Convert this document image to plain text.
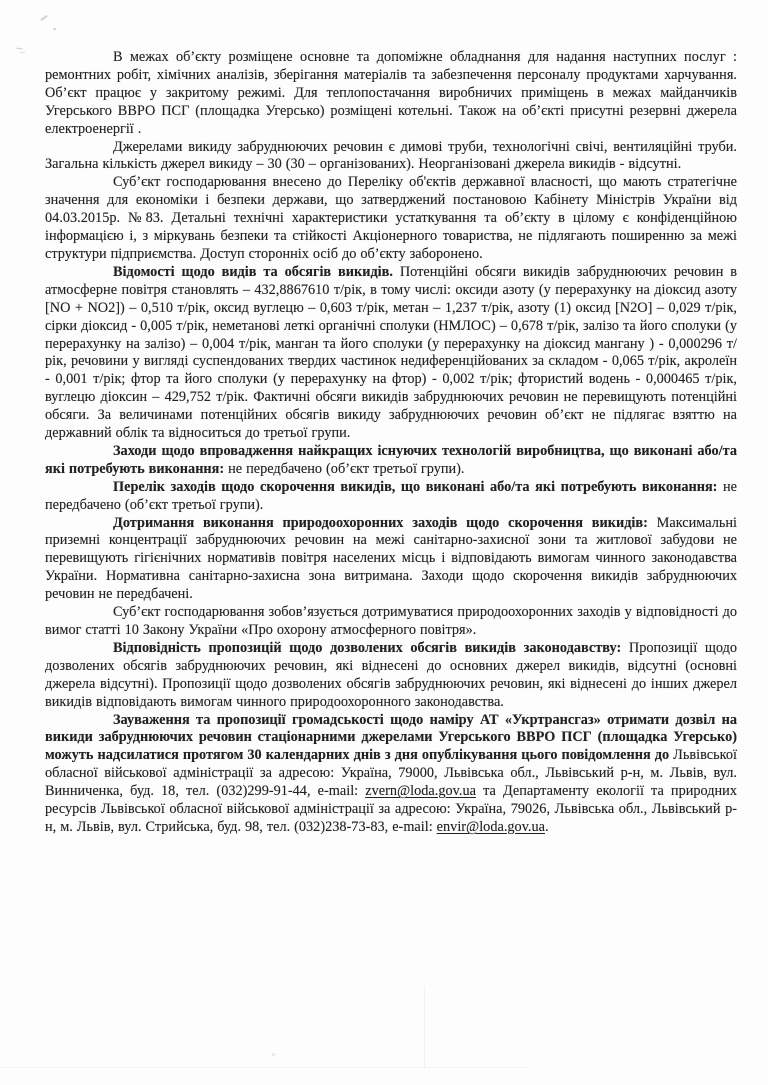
В межах об’єкту розміщене основне та допоміжне обладнання для надання наступних послуг : ремонтних робіт, хімічних аналізів, зберігання матеріалів та забезпечення персоналу продуктами харчування. Об’єкт працює у закритому режимі. Для теплопостачання виробничих приміщень в межах майданчиків Угерського ВВРО ПСГ (площадка Угерсько) розміщені котельні. Також на об’єкті присутні резервні джерела електроенергії .

Джерелами викиду забруднюючих речовин є димові труби, технологічні свічі, вентиляційні труби. Загальна кількість джерел викиду – 30 (30 – організованих). Неорганізовані джерела викидів - відсутні.

Суб’єкт господарювання внесено до Переліку об'єктів державної власності, що мають стратегічне значення для економіки і безпеки держави, що затверджений постановою Кабінету Міністрів України від 04.03.2015р. №83. Детальні технічні характеристики устаткування та об’єкту в цілому є конфіденційною інформацією і, з міркувань безпеки та стійкості Акціонерного товариства, не підлягають поширенню за межі структури підприємства. Доступ сторонніх осіб до об’єкту заборонено.

Відомості щодо видів та обсягів викидів. Потенційні обсяги викидів забруднюючих речовин в атмосферне повітря становлять – 432,8867610 т/рік, в тому числі: оксиди азоту (у перерахунку на діоксид азоту [NO + NO2]) – 0,510 т/рік, оксид вуглецю – 0,603 т/рік, метан – 1,237 т/рік, азоту (1) оксид [N2O] – 0,029 т/рік, сірки діоксид - 0,005 т/рік, неметанові леткі органічні сполуки (НМЛОС) – 0,678 т/рік, залізо та його сполуки (у перерахунку на залізо) – 0,004 т/рік, манган та його сполуки (у перерахунку на діоксид мангану ) - 0,000296 т/рік, речовини у вигляді суспендованих твердих частинок недиференційованих за складом - 0,065 т/рік, акролеїн - 0,001 т/рік; фтор та його сполуки (у перерахунку на фтор) - 0,002 т/рік; фтористий водень - 0,000465 т/рік, вуглецю діоксин – 429,752 т/рік. Фактичні обсяги викидів забруднюючих речовин не перевищують потенційні обсяги. За величинами потенційних обсягів викиду забруднюючих речовин об’єкт не підлягає взяттю на державний облік та відноситься до третьої групи.

Заходи щодо впровадження найкращих існуючих технологій виробництва, що виконані або/та які потребують виконання: не передбачено (об’єкт третьої групи).

Перелік заходів щодо скорочення викидів, що виконані або/та які потребують виконання: не передбачено (об’єкт третьої групи).

Дотримання виконання природоохоронних заходів щодо скорочення викидів: Максимальні приземні концентрації забруднюючих речовин на межі санітарно-захисної зони та житлової забудови не перевищують гігієнічних нормативів повітря населених місць і відповідають вимогам чинного законодавства України. Нормативна санітарно-захисна зона витримана. Заходи щодо скорочення викидів забруднюючих речовин не передбачені.

Суб’єкт господарювання зобов’язується дотримуватися природоохоронних заходів у відповідності до вимог статті 10 Закону України «Про охорону атмосферного повітря».

Відповідність пропозицій щодо дозволених обсягів викидів законодавству: Пропозиції щодо дозволених обсягів забруднюючих речовин, які віднесені до основних джерел викидів, відсутні (основні джерела відсутні). Пропозиції щодо дозволених обсягів забруднюючих речовин, які віднесені до інших джерел викидів відповідають вимогам чинного природоохоронного законодавства.

Зауваження та пропозиції громадськості щодо наміру АТ «Укртрансгаз» отримати дозвіл на викиди забруднюючих речовин стаціонарними джерелами Угерського ВВРО ПСГ (площадка Угерсько) можуть надсилатися протягом 30 календарних днів з дня опублікування цього повідомлення до Львівської обласної військової адміністрації за адресою: Україна, 79000, Львівська обл., Львівський р-н, м. Львів, вул. Винниченка, буд. 18, тел. (032)299-91-44, e-mail: zvern@loda.gov.ua та Департаменту екології та природних ресурсів Львівської обласної військової адміністрації за адресою: Україна, 79026, Львівська обл., Львівський р-н, м. Львів, вул. Стрийська, буд. 98, тел. (032)238-73-83, e-mail: envir@loda.gov.ua.
